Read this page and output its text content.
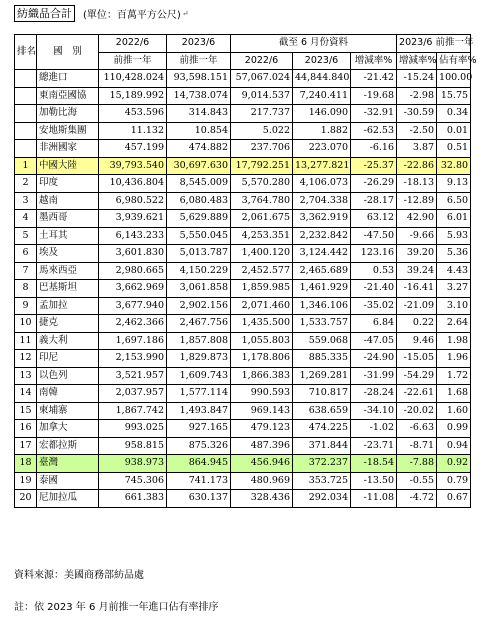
紡織品合計	(單位：百萬平方公尺) ↵
排名	國　別	2022/6	2023/6	截至 6 月份資料			2023/6 前推一年	
		前推一年	前推一年	2022/6	2023/6	增減率%	增減率%	佔有率%
	總進口	110,428.024	93,598.151	57,067.024	44,844.840	-21.42	-15.24	100.00
	東南亞國協	15,189.992	14,738.074	9,014.537	7,240.411	-19.68	-2.98	15.75
	加勒比海	453.596	314.843	217.737	146.090	-32.91	-30.59	0.34
	安地斯集團	11.132	10.854	5.022	1.882	-62.53	-2.50	0.01
	非洲國家	457.199	474.882	237.706	223.070	-6.16	3.87	0.51
1	中國大陸	39,793.540	30,697.630	17,792.251	13,277.821	-25.37	-22.86	32.80
2	印度	10,436.804	8,545.009	5,570.280	4,106.073	-26.29	-18.13	9.13
3	越南	6,980.522	6,080.483	3,764.780	2,704.338	-28.17	-12.89	6.50
4	墨西哥	3,939.621	5,629.889	2,061.675	3,362.919	63.12	42.90	6.01
5	土耳其	6,143.233	5,550.045	4,253.351	2,232.842	-47.50	-9.66	5.93
6	埃及	3,601.830	5,013.787	1,400.120	3,124.442	123.16	39.20	5.36
7	馬來西亞	2,980.665	4,150.229	2,452.577	2,465.689	0.53	39.24	4.43
8	巴基斯坦	3,662.969	3,061.858	1,859.985	1,461.929	-21.40	-16.41	3.27
9	孟加拉	3,677.940	2,902.156	2,071.460	1,346.106	-35.02	-21.09	3.10
10	捷克	2,462.366	2,467.756	1,435.500	1,533.757	6.84	0.22	2.64
11	義大利	1,697.186	1,857.808	1,055.803	559.068	-47.05	9.46	1.98
12	印尼	2,153.990	1,829.873	1,178.806	885.335	-24.90	-15.05	1.96
13	以色列	3,521.957	1,609.743	1,866.383	1,269.281	-31.99	-54.29	1.72
14	南韓	2,037.957	1,577.114	990.593	710.817	-28.24	-22.61	1.68
15	柬埔寨	1,867.742	1,493.847	969.143	638.659	-34.10	-20.02	1.60
16	加拿大	993.025	927.165	479.123	474.225	-1.02	-6.63	0.99
17	宏都拉斯	958.815	875.326	487.396	371.844	-23.71	-8.71	0.94
18	臺灣	938.973	864.945	456.946	372.237	-18.54	-7.88	0.92
19	泰國	745.306	741.173	480.969	353.725	-13.50	-0.55	0.79
20	尼加拉瓜	661.383	630.137	328.436	292.034	-11.08	-4.72	0.67
資料來源：美國商務部紡品處
註：依 2023 年 6 月前推一年進口佔有率排序
